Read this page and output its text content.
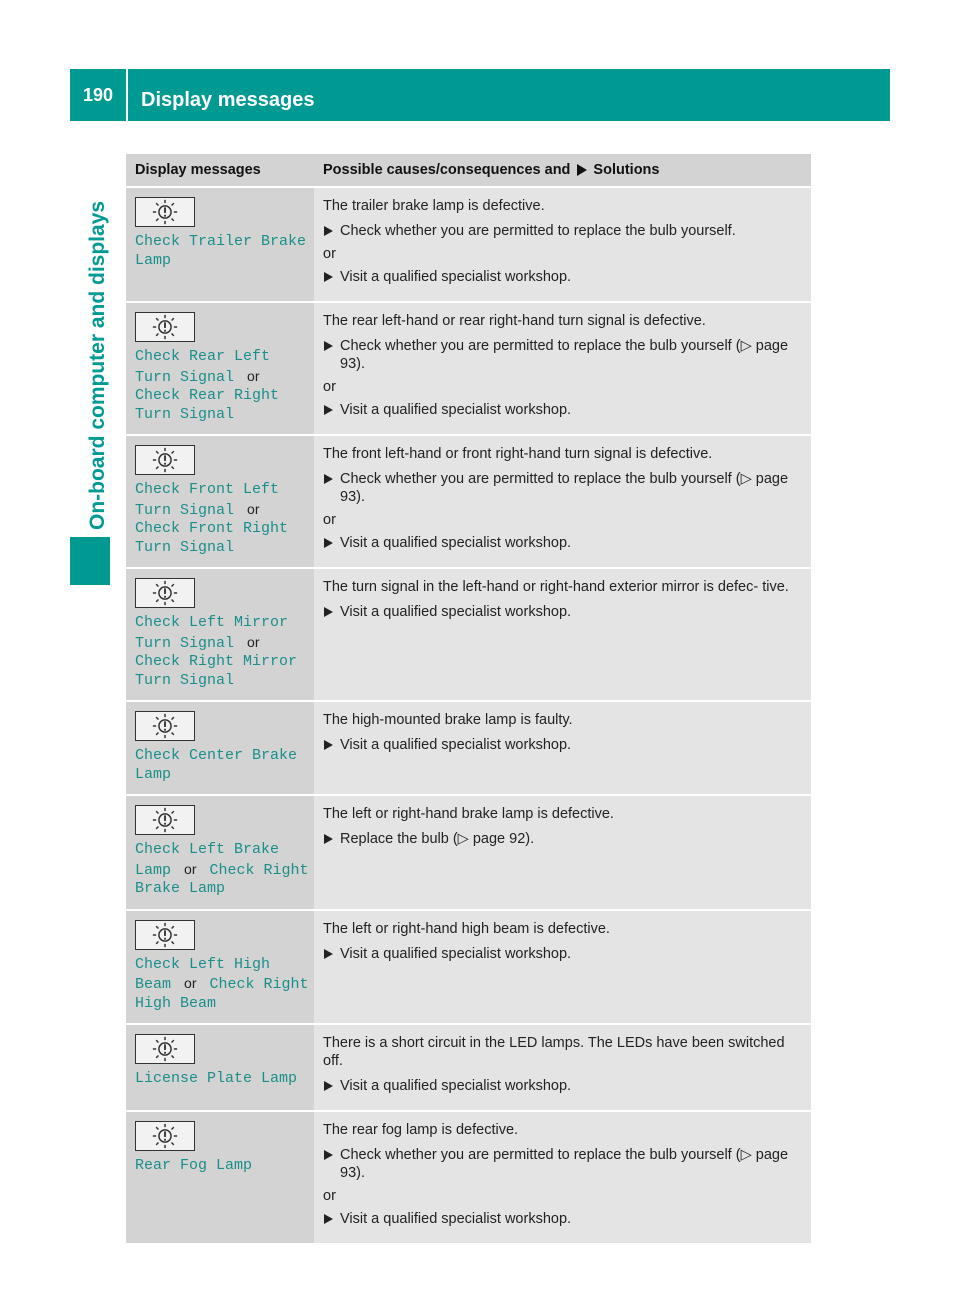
190	Display messages
On-board computer and displays
Display messages	Possible causes/consequences and Solutions
Check Trailer Brake Lamp

The trailer brake lamp is defective.

Check whether you are permitted to replace the bulb yourself.

or

Visit a qualified specialist workshop.

Check Rear Left Turn Signal or Check Rear Right Turn Signal

The rear left-hand or rear right-hand turn signal is defective.

Check whether you are permitted to replace the bulb yourself (▷ page 93).

or

Visit a qualified specialist workshop.

Check Front Left Turn Signal or Check Front Right Turn Signal

The front left-hand or front right-hand turn signal is defective.

Check whether you are permitted to replace the bulb yourself (▷ page 93).

or

Visit a qualified specialist workshop.

Check Left Mirror Turn Signal or Check Right Mirror Turn Signal

The turn signal in the left-hand or right-hand exterior mirror is defec- tive.

Visit a qualified specialist workshop.

Check Center Brake Lamp

The high-mounted brake lamp is faulty.

Visit a qualified specialist workshop.

Check Left Brake Lamp or Check Right Brake Lamp

The left or right-hand brake lamp is defective.

Replace the bulb (▷ page 92).

Check Left High Beam or Check Right High Beam

The left or right-hand high beam is defective.

Visit a qualified specialist workshop.

License Plate Lamp

There is a short circuit in the LED lamps. The LEDs have been switched off.

Visit a qualified specialist workshop.

Rear Fog Lamp

The rear fog lamp is defective.

Check whether you are permitted to replace the bulb yourself (▷ page 93).

or

Visit a qualified specialist workshop.
